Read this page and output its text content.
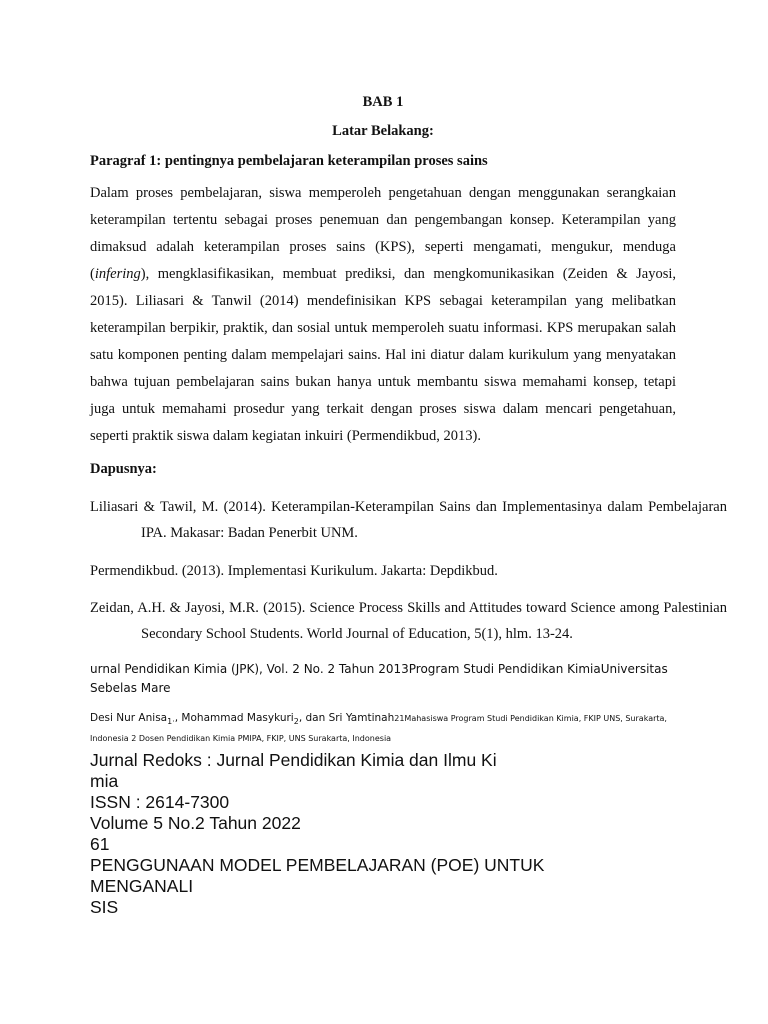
BAB 1
Latar Belakang:
Paragraf 1: pentingnya pembelajaran keterampilan proses sains

Dalam proses pembelajaran, siswa memperoleh pengetahuan dengan menggunakan serangkaian keterampilan tertentu sebagai proses penemuan dan pengembangan konsep. Keterampilan yang dimaksud adalah keterampilan proses sains (KPS), seperti mengamati, mengukur, menduga (infering), mengklasifikasikan, membuat prediksi, dan mengkomunikasikan (Zeiden & Jayosi, 2015). Liliasari & Tanwil (2014) mendefinisikan KPS sebagai keterampilan yang melibatkan keterampilan berpikir, praktik, dan sosial untuk memperoleh suatu informasi. KPS merupakan salah satu komponen penting dalam mempelajari sains. Hal ini diatur dalam kurikulum yang menyatakan bahwa tujuan pembelajaran sains bukan hanya untuk membantu siswa memahami konsep, tetapi juga untuk memahami prosedur yang terkait dengan proses siswa dalam mencari pengetahuan, seperti praktik siswa dalam kegiatan inkuiri (Permendikbud, 2013).

Dapusnya:

Liliasari & Tawil, M. (2014). Keterampilan-Keterampilan Sains dan Implementasinya dalam Pembelajaran IPA. Makasar: Badan Penerbit UNM.

Permendikbud. (2013). Implementasi Kurikulum. Jakarta: Depdikbud.

Zeidan, A.H. & Jayosi, M.R. (2015). Science Process Skills and Attitudes toward Science among Palestinian Secondary School Students. World Journal of Education, 5(1), hlm. 13-24.

urnal Pendidikan Kimia (JPK), Vol. 2 No. 2 Tahun 2013Program Studi Pendidikan KimiaUniversitas Sebelas Mare
Desi Nur Anisa$_{1\cdot}$, Mohammad Masykuri$_2$, dan Sri Yamtinah21Mahasiswa Program Studi Pendidikan Kimia, FKIP UNS, Surakarta, Indonesia 2 Dosen Pendidikan Kimia PMIPA, FKIP, UNS Surakarta, Indonesia
Jurnal Redoks : Jurnal Pendidikan Kimia dan Ilmu Ki
mia
ISSN : 2614-7300
Volume 5 No.2 Tahun 2022
61
PENGGUNAAN MODEL PEMBELAJARAN (POE) UNTUK
MENGANALI
SIS
